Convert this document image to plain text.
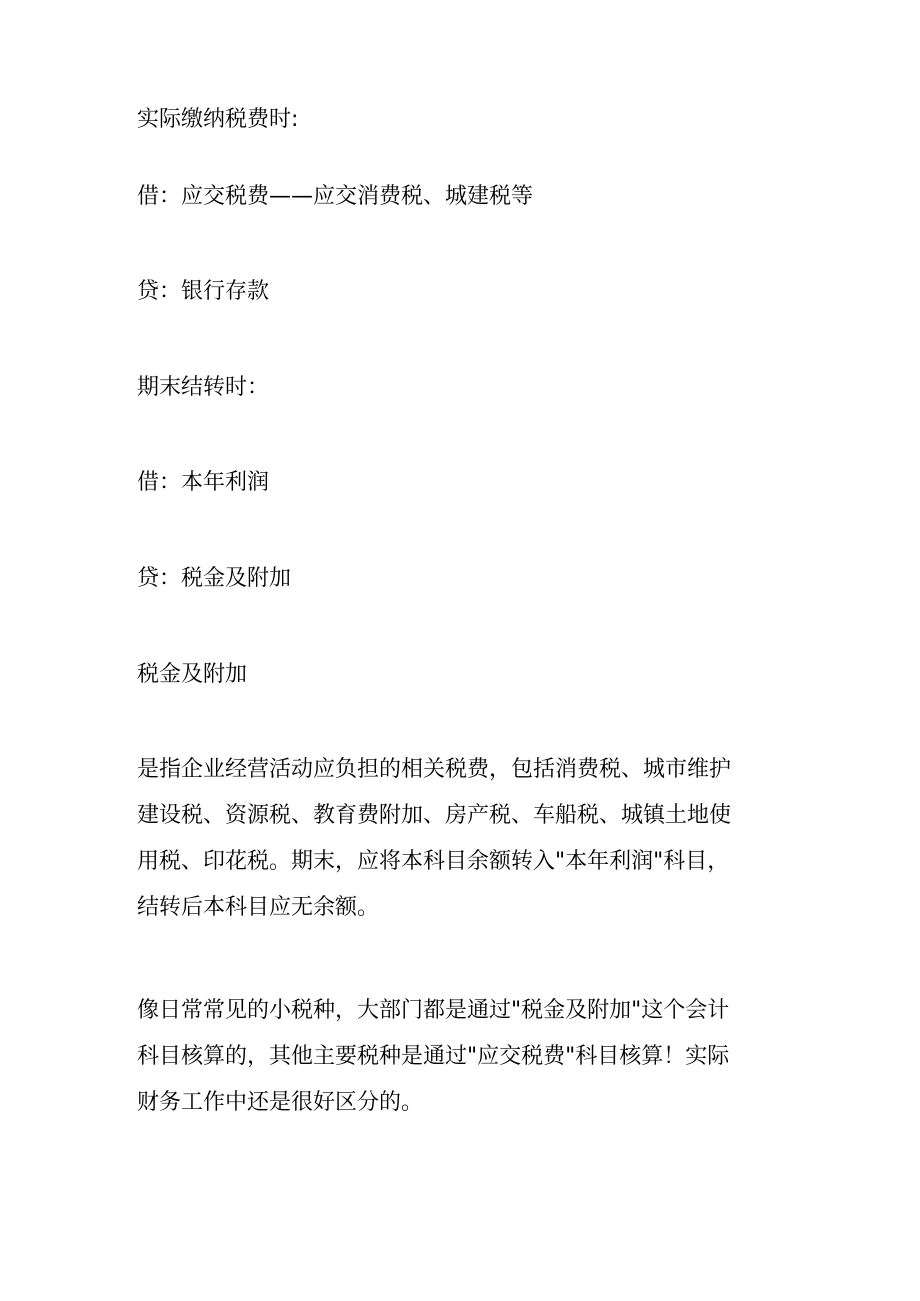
实际缴纳税费时:
借：应交税费——应交消费税、城建税等
贷：银行存款
期末结转时：
借：本年利润
贷：税金及附加
税金及附加
是指企业经营活动应负担的相关税费，包括消费税、城市维护
建设税、资源税、教育费附加、房产税、车船税、城镇土地使
用税、印花税。期末，应将本科目余额转入"本年利润"科目，
结转后本科目应无余额。
像日常常见的小税种，大部门都是通过"税金及附加"这个会计
科目核算的，其他主要税种是通过"应交税费"科目核算！实际
财务工作中还是很好区分的。
